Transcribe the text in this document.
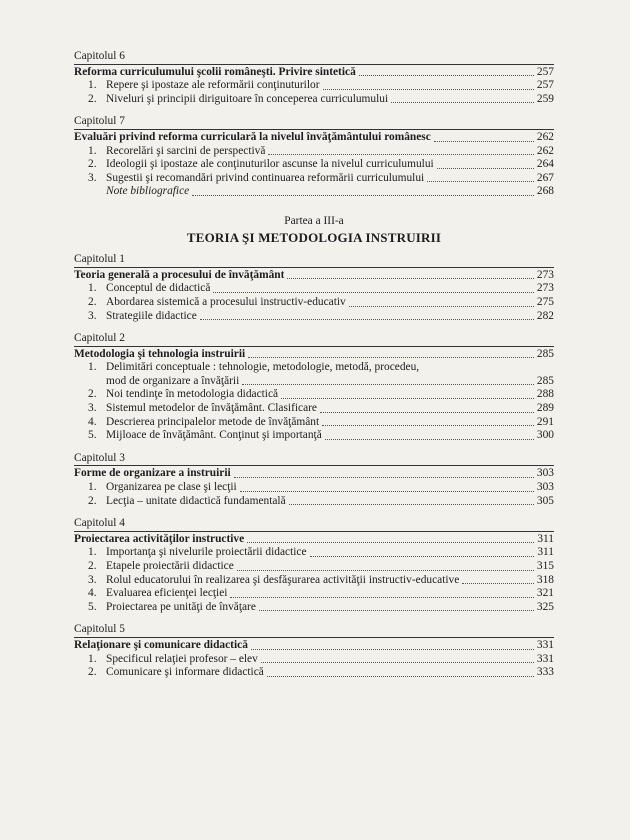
Capitolul 6
Reforma curriculumului şcolii româneşti. Privire sintetică	257
1. Repere şi ipostaze ale reformării conţinuturilor	257
2. Niveluri şi principii diriguitoare în conceperea curriculumului	259
Capitolul 7
Evaluări privind reforma curriculară la nivelul învăţământului românesc	262
1. Recorelări şi sarcini de perspectivă	262
2. Ideologii şi ipostaze ale conţinuturilor ascunse la nivelul curriculumului	264
3. Sugestii şi recomandări privind continuarea reformării curriculumului	267
Note bibliografice	268
Partea a III-a
TEORIA ŞI METODOLOGIA INSTRUIRII
Capitolul 1
Teoria generală a procesului de învăţământ	273
1. Conceptul de didactică	273
2. Abordarea sistemică a procesului instructiv-educativ	275
3. Strategiile didactice	282
Capitolul 2
Metodologia şi tehnologia instruirii	285
1. Delimitări conceptuale : tehnologie, metodologie, metodă, procedeu,
mod de organizare a învăţării	285
2. Noi tendinţe în metodologia didactică	288
3. Sistemul metodelor de învăţământ. Clasificare	289
4. Descrierea principalelor metode de învăţământ	291
5. Mijloace de învăţământ. Conţinut şi importanţă	300
Capitolul 3
Forme de organizare a instruirii	303
1. Organizarea pe clase şi lecţii	303
2. Lecţia – unitate didactică fundamentală	305
Capitolul 4
Proiectarea activităţilor instructive	311
1. Importanţa şi nivelurile proiectării didactice	311
2. Etapele proiectării didactice	315
3. Rolul educatorului în realizarea şi desfăşurarea activităţii instructiv-educative	318
4. Evaluarea eficienţei lecţiei	321
5. Proiectarea pe unităţi de învăţare	325
Capitolul 5
Relaţionare şi comunicare didactică	331
1. Specificul relaţiei profesor – elev	331
2. Comunicare şi informare didactică	333
